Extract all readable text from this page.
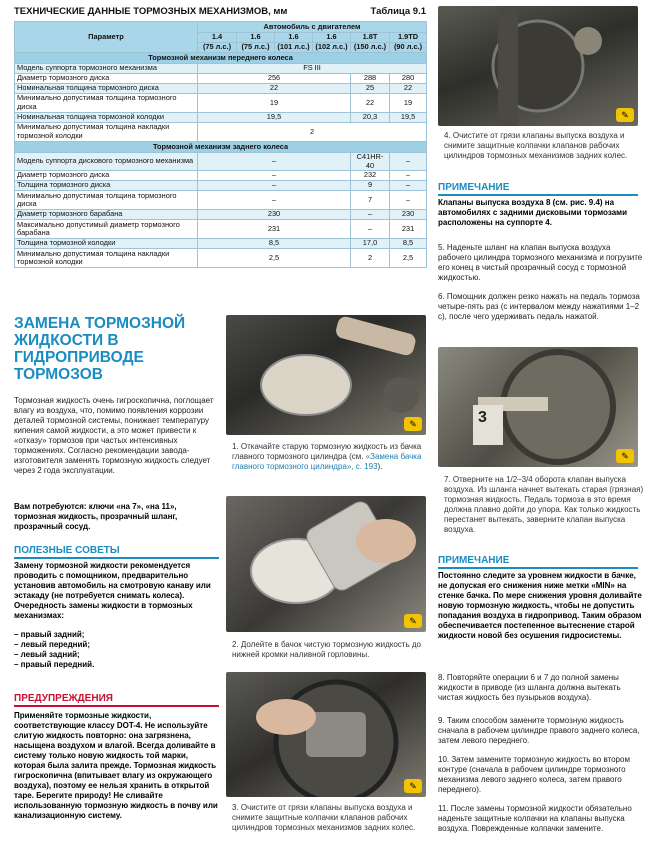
ТЕХНИЧЕСКИЕ ДАННЫЕ ТОРМОЗНЫХ МЕХАНИЗМОВ, мм	Таблица 9.1
Параметр	Автомобиль с двигателем					
	1.4	1.6	1.6	1.6	1.8T	1.9TD
	(75 л.с.)	(75 л.с.)	(101 л.с.)	(102 л.с.)	(150 л.с.)	(90 л.с.)
Тормозной механизм переднего колеса						
Модель суппорта тормозного механизма	FS III					
Диаметр тормозного диска	256				288	280
Номинальная толщина тормозного диска	22				25	22
Минимально допустимая толщина тормозного диска	19				22	19
Номинальная толщина тормозной колодки	19,5				20,3	19,5
Минимально допустимая толщина накладки тормозной колодки	2					
Тормозной механизм заднего колеса						
Модель суппорта дискового тормозного механизма	–				C41HR-40	–
Диаметр тормозного диска	–				232	–
Толщина тормозного диска	–				9	–
Минимально допустимая толщина тормозного диска	–				7	–
Диаметр тормозного барабана	230				–	230
Максимально допустимый диаметр тормозного барабана	231				–	231
Толщина тормозной колодки	8,5				17,0	8,5
Минимально допустимая толщина накладки тормозной колодки	2,5				2	2,5
✎
4. Очистите от грязи клапаны выпуска воздуха и снимите защитные колпачки клапанов рабочих цилиндров тормозных механизмов задних колес.
ПРИМЕЧАНИЕ
Клапаны выпуска воздуха 8 (см. рис. 9.4) на автомобилях с задними дисковыми тормозами расположены на суппорте 4.
5. Наденьте шланг на клапан выпуска воздуха рабочего цилиндра тормозного механизма и погрузите его конец в чистый прозрачный сосуд с тормозной жидкостью.
6. Помощник должен резко нажать на педаль тормоза четыре-пять раз (с интервалом между нажатиями 1–2 с), после чего удерживать педаль нажатой.
3
✎
7. Отверните на 1/2–3/4 оборота клапан выпуска воздуха. Из шланга начнет вытекать старая (грязная) тормозная жидкость. Педаль тормоза в это время должна плавно дойти до упора. Как только жидкость перестанет вытекать, заверните клапан выпуска воздуха.
ПРИМЕЧАНИЕ
Постоянно следите за уровнем жидкости в бачке, не допуская его снижения ниже метки «MIN» на стенке бачка. По мере снижения уровня доливайте новую тормозную жидкость, чтобы не допустить попадания воздуха в гидропривод. Таким образом обеспечивается постепенное вытеснение старой жидкости новой без осушения гидросистемы.
8. Повторяйте операции 6 и 7 до полной замены жидкости в приводе (из шланга должна вытекать чистая жидкость без пузырьков воздуха).
9. Таким способом замените тормозную жидкость сначала в рабочем цилиндре правого заднего колеса, затем левого переднего.
10. Затем замените тормозную жидкость во втором контуре (сначала в рабочем цилиндре тормозного механизма левого заднего колеса, затем правого переднего).
11. После замены тормозной жидкости обязательно наденьте защитные колпачки на клапаны выпуска воздуха. Поврежденные колпачки замените.
ЗАМЕНА ТОРМОЗНОЙ ЖИДКОСТИ В ГИДРОПРИВОДЕ ТОРМОЗОВ
Тормозная жидкость очень гигроскопична, поглощает влагу из воздуха, что, помимо появления коррозии деталей тормозной системы, понижает температуру кипения самой жидкости, а это может привести к «отказу» тормозов при частых интенсивных торможениях. Согласно рекомендации завода-изготовителя заменять тормозную жидкость следует через 2 года эксплуатации.
Вам потребуются: ключи «на 7», «на 11», тормозная жидкость, прозрачный шланг, прозрачный сосуд.
ПОЛЕЗНЫЕ СОВЕТЫ
Замену тормозной жидкости рекомендуется проводить с помощником, предварительно установив автомобиль на смотровую канаву или эстакаду (не потребуется снимать колеса). Очередность замены жидкости в тормозных механизмах:
– правый задний;
– левый передний;
– левый задний;
– правый передний.
ПРЕДУПРЕЖДЕНИЯ
Применяйте тормозные жидкости, соответствующие классу DOT-4. Не используйте слитую жидкость повторно: она загрязнена, насыщена воздухом и влагой. Всегда доливайте в систему только новую жидкость той марки, которая была залита прежде. Тормозная жидкость гигроскопична (впитывает влагу из окружающего воздуха), поэтому ее нельзя хранить в открытой таре. Берегите природу! Не сливайте использованную тормозную жидкость в почву или канализационную систему.
✎
1. Откачайте старую тормозную жидкость из бачка главного тормозного цилиндра (см. «Замена бачка главного тормозного цилиндра», с. 193).
✎
2. Долейте в бачок чистую тормозную жидкость до нижней кромки наливной горловины.
✎
3. Очистите от грязи клапаны выпуска воздуха и снимите защитные колпачки клапанов рабочих цилиндров тормозных механизмов задних колес.
